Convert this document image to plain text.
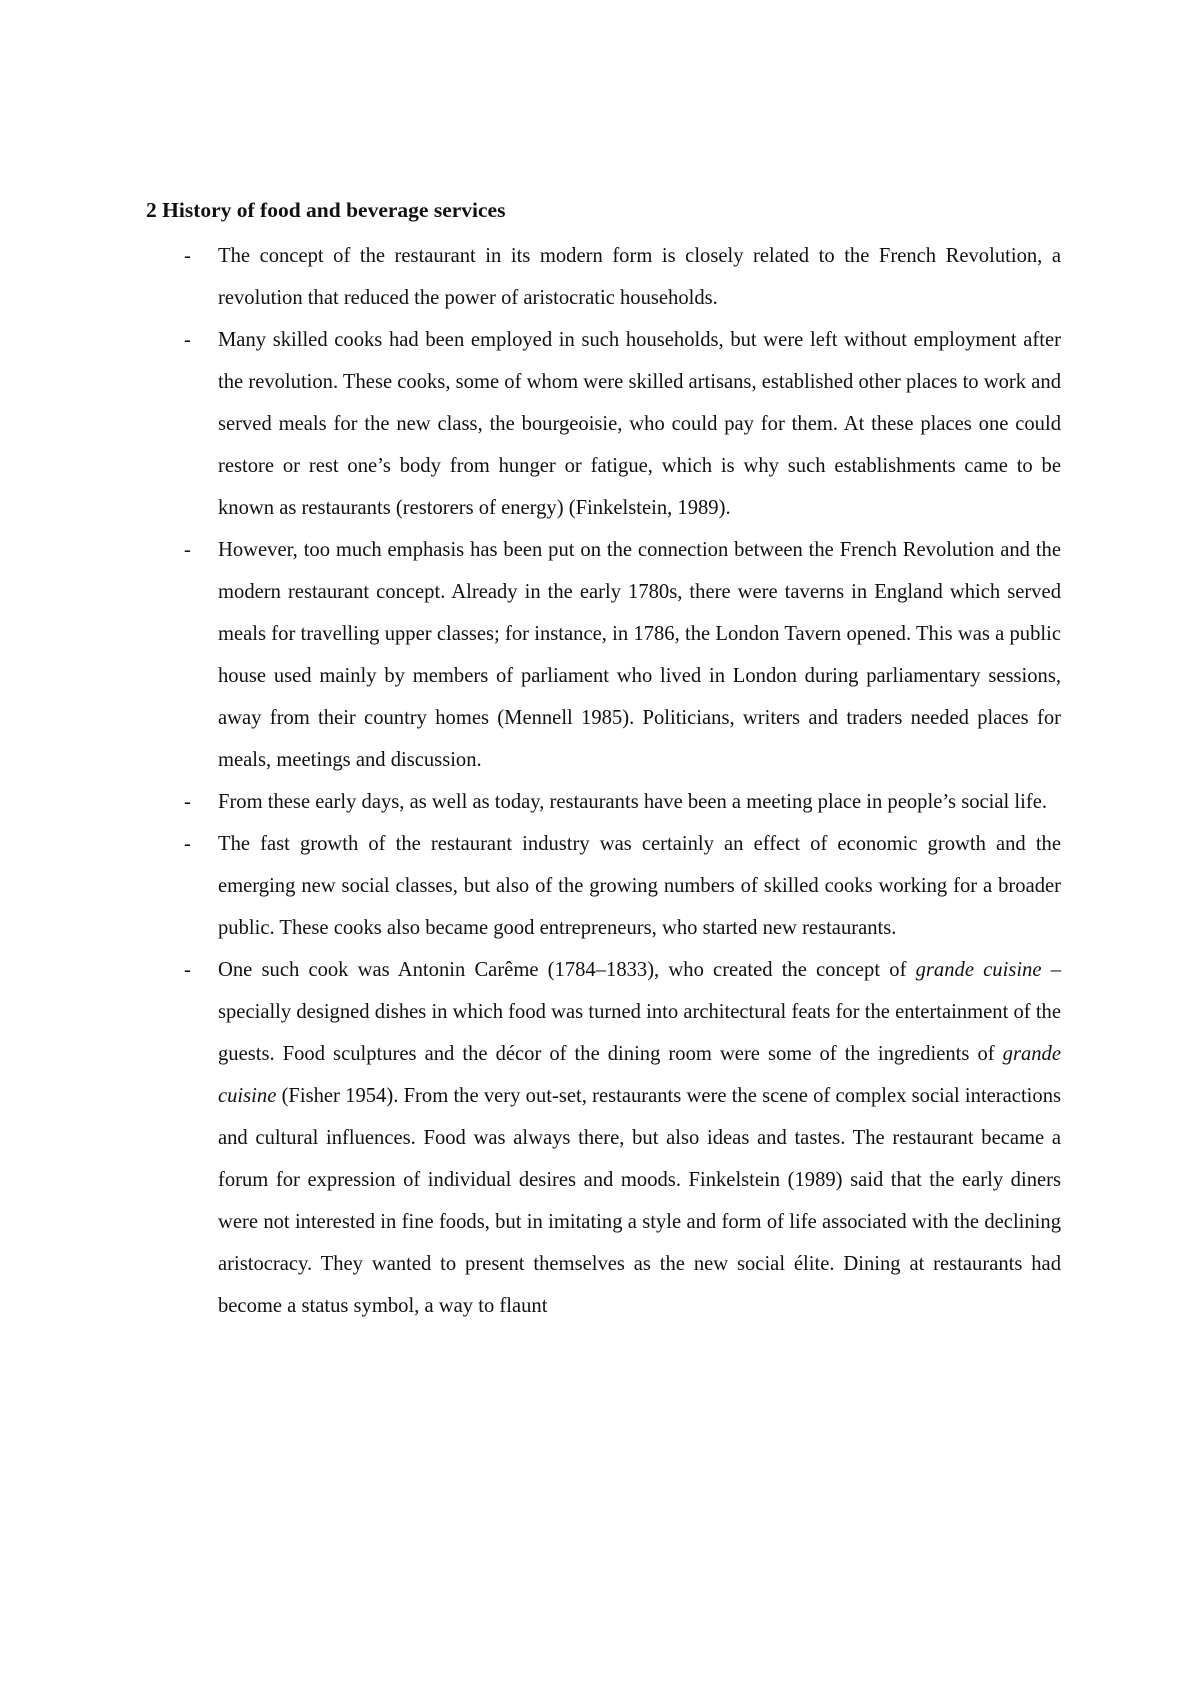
2 History of food and beverage services
-	The concept of the restaurant in its modern form is closely related to the French Revolution, a revolution that reduced the power of aristocratic households.
-	Many skilled cooks had been employed in such households, but were left without employment after the revolution. These cooks, some of whom were skilled artisans, established other places to work and served meals for the new class, the bourgeoisie, who could pay for them. At these places one could restore or rest one’s body from hunger or fatigue, which is why such establishments came to be known as restaurants (restorers of energy) (Finkelstein, 1989).
-	However, too much emphasis has been put on the connection between the French Revolution and the modern restaurant concept. Already in the early 1780s, there were taverns in England which served meals for travelling upper classes; for instance, in 1786, the London Tavern opened. This was a public house used mainly by members of parliament who lived in London during parliamentary sessions, away from their country homes (Mennell 1985). Politicians, writers and traders needed places for meals, meetings and discussion.
-	From these early days, as well as today, restaurants have been a meeting place in people’s social life.
-	The fast growth of the restaurant industry was certainly an effect of economic growth and the emerging new social classes, but also of the growing numbers of skilled cooks working for a broader public. These cooks also became good entrepreneurs, who started new restaurants.
-	One such cook was Antonin Carême (1784–1833), who created the concept of grande cuisine – specially designed dishes in which food was turned into architectural feats for the entertainment of the guests. Food sculptures and the décor of the dining room were some of the ingredients of grande cuisine (Fisher 1954). From the very out-set, restaurants were the scene of complex social interactions and cultural influences. Food was always there, but also ideas and tastes. The restaurant became a forum for expression of individual desires and moods. Finkelstein (1989) said that the early diners were not interested in fine foods, but in imitating a style and form of life associated with the declining aristocracy. They wanted to present themselves as the new social élite. Dining at restaurants had become a status symbol, a way to flaunt
